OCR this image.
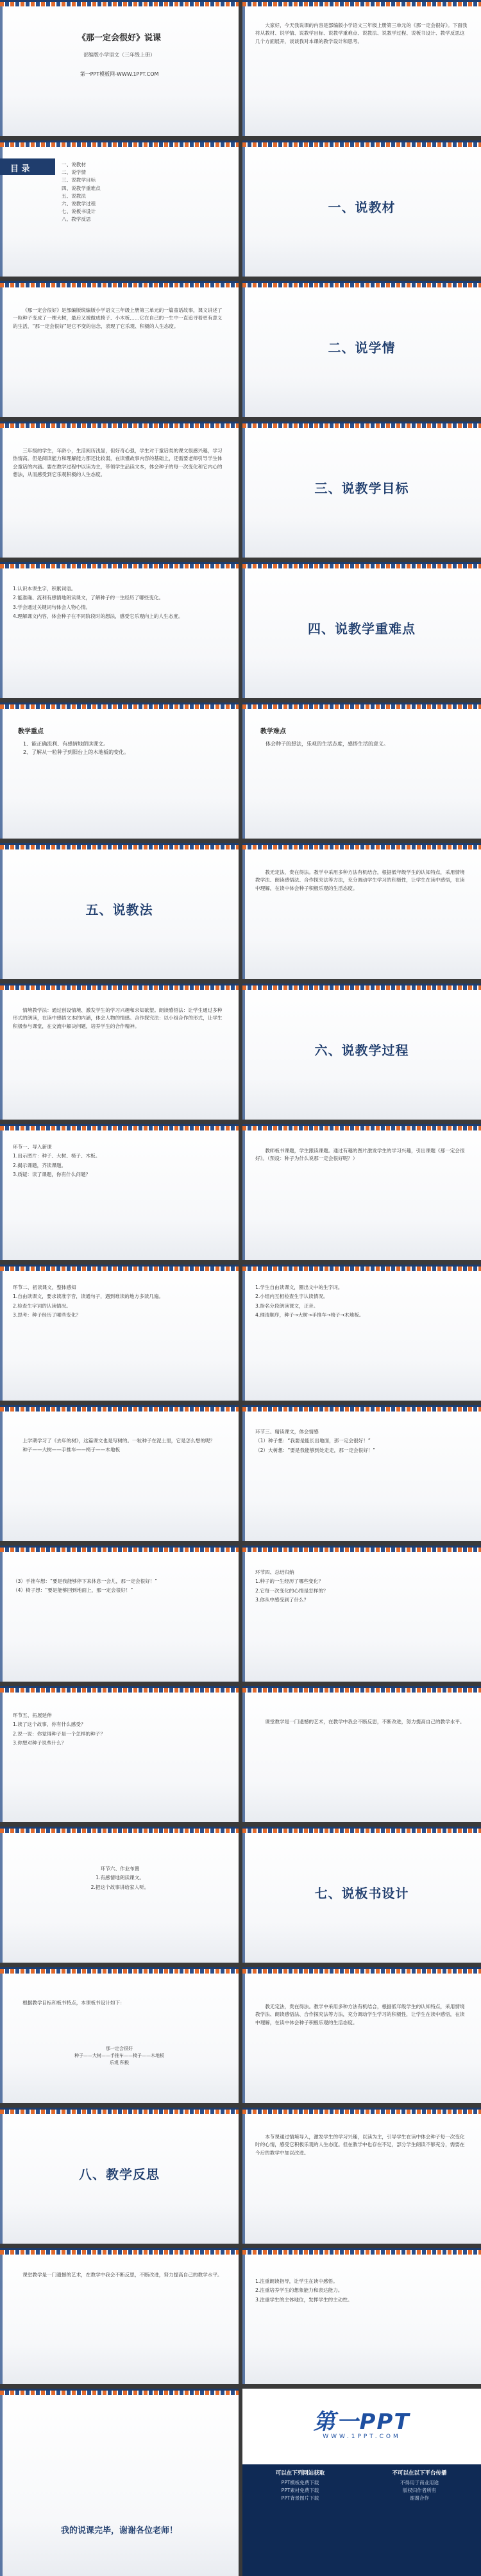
《那一定会很好》说课
部编版小学语文（三年级上册）
第一PPT模板网-WWW.1PPT.COM

大家好，今天我说课的内容是部编版小学语文三年级上册第三单元的《那一定会很好》。下面我将从教材、说学情、说教学目标、说教学重难点、说教法、说教学过程、说板书设计、教学反思这几个方面展开，谈谈我对本课的教学设计和思考。

目 录	一、说教材
二、说学情
三、说教学目标
四、说教学重难点
五、说教法
六、说教学过程
七、说板书设计
八、教学反思
一、说教材

《那一定会很好》是部编版统编版小学语文三年级上册第三单元的一篇童话故事，课文讲述了一粒种子变成了一棵大树，最后又被做成椅子、小木板……它在自己的一生中一直追寻着更有意义的生活，“那一定会很好”是它不变的信念，表现了它乐观、积极的人生态度。

二、说学情

三年级的学生，年龄小，生活阅历浅显，但好奇心强，学生对于童话类的课文很感兴趣，学习热情高。但是阅读能力和理解能力都还比较弱，在读懂故事内容的基础上，还需要老师引导学生体会童话的内涵。要在教学过程中以读为主，带领学生品读文本，体会种子的每一次变化和它内心的想法，从而感受到它乐观积极的人生态度。

三、说教学目标

1.认识本课生字，积累词语。

2.能准确、流利有感情地朗读课文，了解种子的一生经历了哪些变化。

3.学会通过关键词句体会人物心情。

4.理解课文内容，体会种子在不同阶段时的想法，感受它乐观向上的人生态度。

四、说教学重难点
教学重点
1、能正确流利、有感情地朗读课文。
2、了解从一粒种子到阳台上的木地板的变化。
教学难点
体会种子的想法，乐观的生活态度，感悟生活的意义。
五、说教法

教无定法，贵在得法。教学中采用多种方法有机结合，根据低年级学生的认知特点，采用情境教学法、朗读感悟法、合作探究法等方法，充分调动学生学习的积极性，让学生在读中感悟，在读中理解，在读中体会种子积极乐观的生活态度。

情境教学法：通过创设情境、激发学生的学习兴趣和求知欲望。朗读感悟法：让学生通过多种形式的朗读，在读中感悟文本的内涵，体会人物的情感。合作探究法：以小组合作的形式，让学生积极参与课堂，在交流中解决问题，培养学生的合作精神。

六、说教学过程

环节一、导入新课

1.出示图片：种子、大树、椅子、木板。

2.揭示课题，齐读课题。

3.质疑：读了课题，你有什么问题？

教师板书课题，学生跟读课题。通过有趣的图片激发学生的学习兴趣，引出课题《那一定会很好》。（预设：种子为什么说那一定会很好呢？）

环节二、初读课文，整体感知

1.自由读课文，要求读准字音，读通句子，遇到难读的地方多读几遍。

2.检查生字词的认读情况。

3.思考：种子经历了哪些变化？

1.学生自由读课文，圈出文中的生字词。

2.小组内互相检查生字认读情况。

3.指名分段朗读课文，正音。

4.理清顺序，种子→大树→手推车→椅子→木地板。

上学期学习了《去年的树》，这篇课文也是写树的。一粒种子在泥土里，它是怎么想的呢？

种子——大树——手推车——椅子——木地板

环节三、精读课文，体会情感

（1）种子想：“我要是能长出地面，那一定会很好！”

（2）大树想：“要是我能够到处走走，那一定会很好！”

（3）手推车想：“要是我能够停下来休息一会儿，那一定会很好！”

（4）椅子想：“要是能够回到地面上，那一定会很好！”

环节四、总结归纳

1.种子的一生经历了哪些变化？

2.它每一次变化的心情是怎样的？

3.你从中感受到了什么？

环节五、拓展延伸

1.读了这个故事，你有什么感受？

2.说一说：你觉得种子是一个怎样的种子？

3.你想对种子说些什么？

课堂教学是一门遗憾的艺术，在教学中我会不断反思，不断改进，努力提高自己的教学水平。

环节六、作业布置

1.有感情地朗读课文。

2.把这个故事讲给家人听。	七、说板书设计

根据教学目标和板书特点，本课板书设计如下：

那一定会很好
种子——大树——手推车——椅子——木地板
乐观 积极

教无定法，贵在得法。教学中采用多种方法有机结合，根据低年级学生的认知特点，采用情境教学法、朗读感悟法、合作探究法等方法，充分调动学生学习的积极性，让学生在读中感悟，在读中理解，在读中体会种子积极乐观的生活态度。

八、教学反思

本节课通过情境导入，激发学生的学习兴趣，以读为主，引导学生在读中体会种子每一次变化时的心情，感受它积极乐观的人生态度。但在教学中也存在不足，部分学生朗读不够充分，需要在今后的教学中加以改进。

课堂教学是一门遗憾的艺术，在教学中我会不断反思，不断改进，努力提高自己的教学水平。

1.注重朗读指导，让学生在读中感悟。

2.注重培养学生的想象能力和表达能力。

3.注重学生的主体地位，发挥学生的主动性。

我的说课完毕，谢谢各位老师！
第一PPT
WWW.1PPT.COM
可以在下列网站获取
PPT模板免费下载
PPT素材免费下载
PPT背景图片下载
不可以在以下平台传播
不得用于商业用途
版权归作者所有
谢谢合作
